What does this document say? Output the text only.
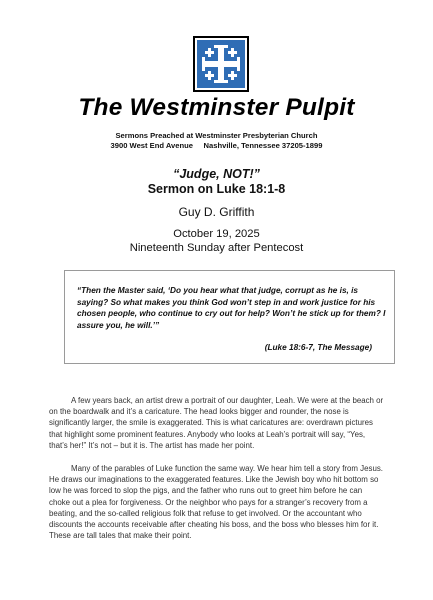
The Westminster Pulpit
Sermons Preached at Westminster Presbyterian Church
3900 West End Avenue     Nashville, Tennessee 37205-1899
“Judge, NOT!”
Sermon on Luke 18:1-8
Guy D. Griffith
October 19, 2025
Nineteenth Sunday after Pentecost
“Then the Master said, ‘Do you hear what that judge, corrupt as he is, is saying? So what makes you think God won’t step in and work justice for his chosen people, who continue to cry out for help? Won’t he stick up for them? I assure you, he will.’”
(Luke 18:6-7, The Message)
A few years back, an artist drew a portrait of our daughter, Leah. We were at the beach or on the boardwalk and it’s a caricature. The head looks bigger and rounder, the nose is significantly larger, the smile is exaggerated. This is what caricatures are: overdrawn pictures that highlight some prominent features. Anybody who looks at Leah’s portrait will say, “Yes, that’s her!” It’s not – but it is. The artist has made her point.
Many of the parables of Luke function the same way. We hear him tell a story from Jesus. He draws our imaginations to the exaggerated features. Like the Jewish boy who hit bottom so low he was forced to slop the pigs, and the father who runs out to greet him before he can choke out a plea for forgiveness. Or the neighbor who pays for a stranger’s recovery from a beating, and the so-called religious folk that refuse to get involved. Or the accountant who discounts the accounts receivable after cheating his boss, and the boss who blesses him for it. These are tall tales that make their point.
